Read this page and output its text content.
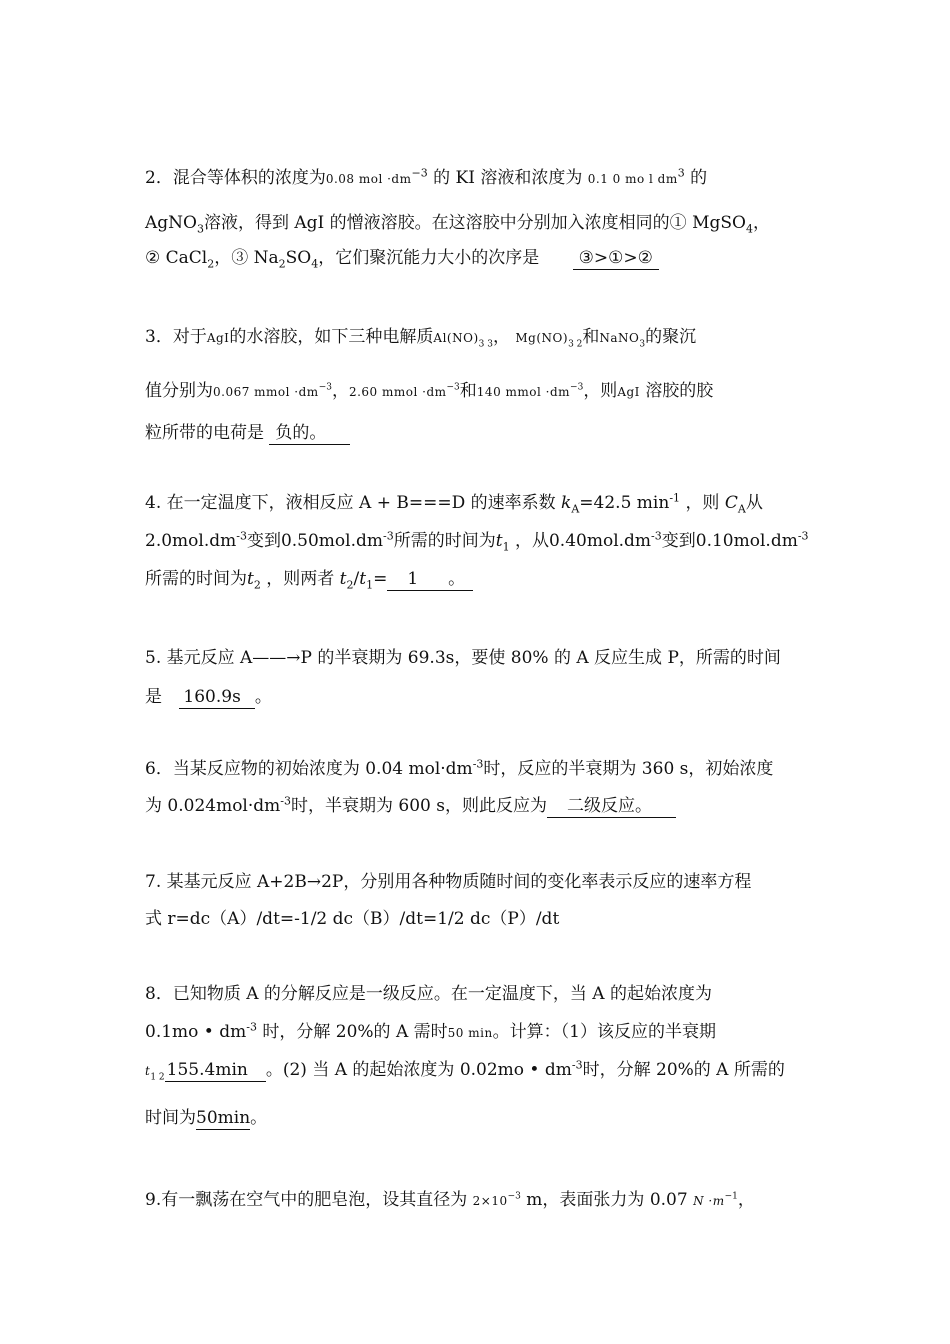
2．混合等体积的浓度为0.08 mol $\cdot dm^{-3}$ 的 KI 溶液和浓度为 0.1 0 mo l $dm^3$ 的
AgNO$_3$溶液，得到 AgI 的憎液溶胶。在这溶胶中分别加入浓度相同的① MgSO$_4$，
② CaCl$_2$，③ $Na_2SO_4$，它们聚沉能力大小的次序是 ③>①>②
3．对于AgI的水溶胶，如下三种电解质$Al(NO)_{3 3}$， $Mg(NO)_{3 2}$和NaNO$_3$的聚沉
值分别为0.067 mmol $\cdot dm^{-3}$，2.60 mmol $\cdot dm^{-3}$和140 mmol $\cdot dm^{-3}$，则AgI 溶胶的胶
粒所带的电荷是 负的。
4. 在一定温度下，液相反应 A + B===D 的速率系数 $k_A=42.5$ $\min^{-1}$ ，则 $C_A$从
$2.0mol.dm^{-3}$变到$0.50mol.dm^{-3}$所需的时间为$t_1$ ，从$0.40mol.dm^{-3}$变到$0.10mol.dm^{-3}$
所需的时间为$t_2$ ，则两者 $t_2/t_1= 1$ 。
5. 基元反应 A——→P 的半衰期为 69.3s，要使 80% 的 A 反应生成 P，所需的时间
是 160.9s 。
6．当某反应物的初始浓度为 0.04 $mol\cdot dm^{-3}$时，反应的半衰期为 360 s，初始浓度
为 $0.024mol\cdot dm^{-3}$时，半衰期为 600 s，则此反应为 二级反应。
7. 某基元反应 A+2B→2P，分别用各种物质随时间的变化率表示反应的速率方程
式 r=dc（A）/dt=-1/2 dc（B）/dt=1/2 dc（P）/dt
8．已知物质 A 的分解反应是一级反应。在一定温度下，当 A 的起始浓度为
0.1mo • $dm^{-3}$ 时，分解 20%的 A 需时50 min。计算：（1）该反应的半衰期
$t_{1 2}$ 155.4min 。(2) 当 A 的起始浓度为 0.02mo • $dm^{-3}$时，分解 20%的 A 所需的
时间为50min。
9.有一飘荡在空气中的肥皂泡，设其直径为 $2\times 10^{-3}$ m，表面张力为 0.07 $N \cdot m^{-1}$，
